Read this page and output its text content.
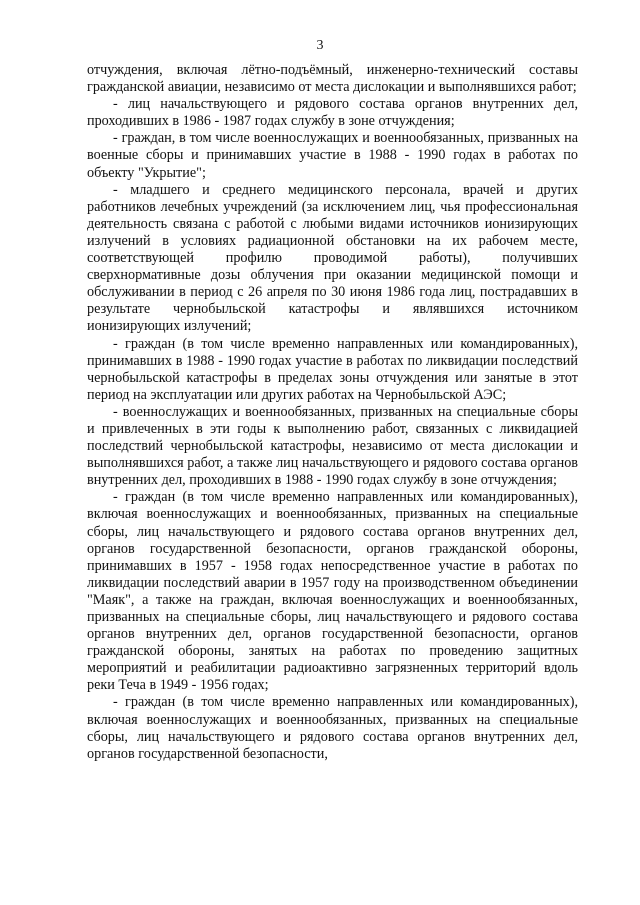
3

отчуждения, включая лётно-подъёмный, инженерно-технический составы гражданской авиации, независимо от места дислокации и выполнявшихся работ;

- лиц начальствующего и рядового состава органов внутренних дел, проходивших в 1986 - 1987 годах службу в зоне отчуждения;

- граждан, в том числе военнослужащих и военнообязанных, призванных на военные сборы и принимавших участие в 1988 - 1990 годах в работах по объекту "Укрытие";

- младшего и среднего медицинского персонала, врачей и других работников лечебных учреждений (за исключением лиц, чья профессиональная деятельность связана с работой с любыми видами источников ионизирующих излучений в условиях радиационной обстановки на их рабочем месте, соответствующей профилю проводимой работы), получивших сверхнормативные дозы облучения при оказании медицинской помощи и обслуживании в период с 26 апреля по 30 июня 1986 года лиц, пострадавших в результате чернобыльской катастрофы и являвшихся источником ионизирующих излучений;

- граждан (в том числе временно направленных или командированных), принимавших в 1988 - 1990 годах участие в работах по ликвидации последствий чернобыльской катастрофы в пределах зоны отчуждения или занятые в этот период на эксплуатации или других работах на Чернобыльской АЭС;

- военнослужащих и военнообязанных, призванных на специальные сборы и привлеченных в эти годы к выполнению работ, связанных с ликвидацией последствий чернобыльской катастрофы, независимо от места дислокации и выполнявшихся работ, а также лиц начальствующего и рядового состава органов внутренних дел, проходивших в 1988 - 1990 годах службу в зоне отчуждения;

- граждан (в том числе временно направленных или командированных), включая военнослужащих и военнообязанных, призванных на специальные сборы, лиц начальствующего и рядового состава органов внутренних дел, органов государственной безопасности, органов гражданской обороны, принимавших в 1957 - 1958 годах непосредственное участие в работах по ликвидации последствий аварии в 1957 году на производственном объединении "Маяк", а также на граждан, включая военнослужащих и военнообязанных, призванных на специальные сборы, лиц начальствующего и рядового состава органов внутренних дел, органов государственной безопасности, органов гражданской обороны, занятых на работах по проведению защитных мероприятий и реабилитации радиоактивно загрязненных территорий вдоль реки Теча в 1949 - 1956 годах;

- граждан (в том числе временно направленных или командированных), включая военнослужащих и военнообязанных, призванных на специальные сборы, лиц начальствующего и рядового состава органов внутренних дел, органов государственной безопасности,
